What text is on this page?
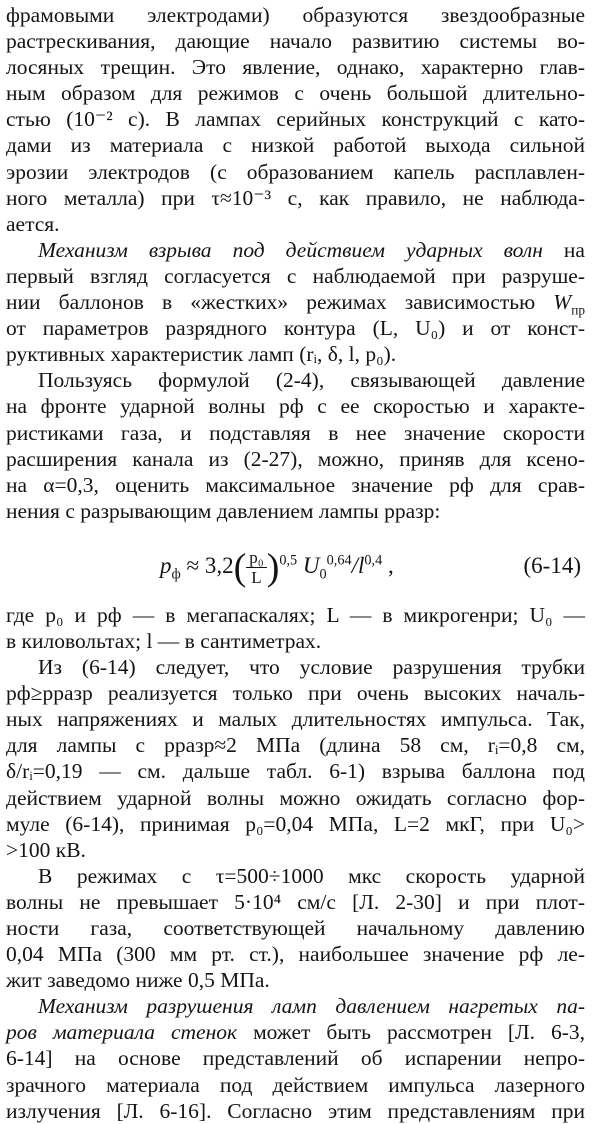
фрамовыми электродами) образуются звездообразные
растрескивания, дающие начало развитию системы во-
лосяных трещин. Это явление, однако, характерно глав-
ным образом для режимов с очень большой длительно-
стью (10⁻² с). В лампах серийных конструкций с като-
дами из материала с низкой работой выхода сильной
эрозии электродов (с образованием капель расплавлен-
ного металла) при τ≈10⁻³ с, как правило, не наблюда-
ается.

Механизм взрыва под действием ударных волн на
первый взгляд согласуется с наблюдаемой при разруше-
нии баллонов в «жестких» режимах зависимостью $W_{пр}$
от параметров разрядного контура (L, U₀) и от конст-
руктивных характеристик ламп (rᵢ, δ, l, p₀).

Пользуясь формулой (2-4), связывающей давление
на фронте ударной волны pф с ее скоростью и характе-
ристиками газа, и подставляя в нее значение скорости
расширения канала из (2-27), можно, приняв для ксено-
на α=0,3, оценить максимальное значение pф для срав-
нения с разрывающим давлением лампы pразр:

$p_ф \approx 3,2( \frac{\text{p₀}}{L} )^{0,5}$ $U_0^{0,64}/l^{0,4}$ ,	(6-14)

где p₀ и pф — в мегапаскалях; L — в микрогенри; U₀ —
в киловольтах; l — в сантиметрах.

Из (6-14) следует, что условие разрушения трубки
pф≥pразр реализуется только при очень высоких началь-
ных напряжениях и малых длительностях импульса. Так,
для лампы с pразр≈2 МПа (длина 58 см, rᵢ=0,8 см,
δ/rᵢ=0,19 — см. дальше табл. 6-1) взрыва баллона под
действием ударной волны можно ожидать согласно фор-
муле (6-14), принимая p₀=0,04 МПа, L=2 мкГ, при U₀>
>100 кВ.

В режимах с τ=500÷1000 мкс скорость ударной
волны не превышает 5·10⁴ см/с [Л. 2-30] и при плот-
ности газа, соответствующей начальному давлению
0,04 МПа (300 мм рт. ст.), наибольшее значение pф ле-
жит заведомо ниже 0,5 МПа.

Механизм разрушения ламп давлением нагретых па-
ров материала стенок может быть рассмотрен [Л. 6-3,
6-14] на основе представлений об испарении непро-
зрачного материала под действием импульса лазерного
излучения [Л. 6-16]. Согласно этим представлениям при
